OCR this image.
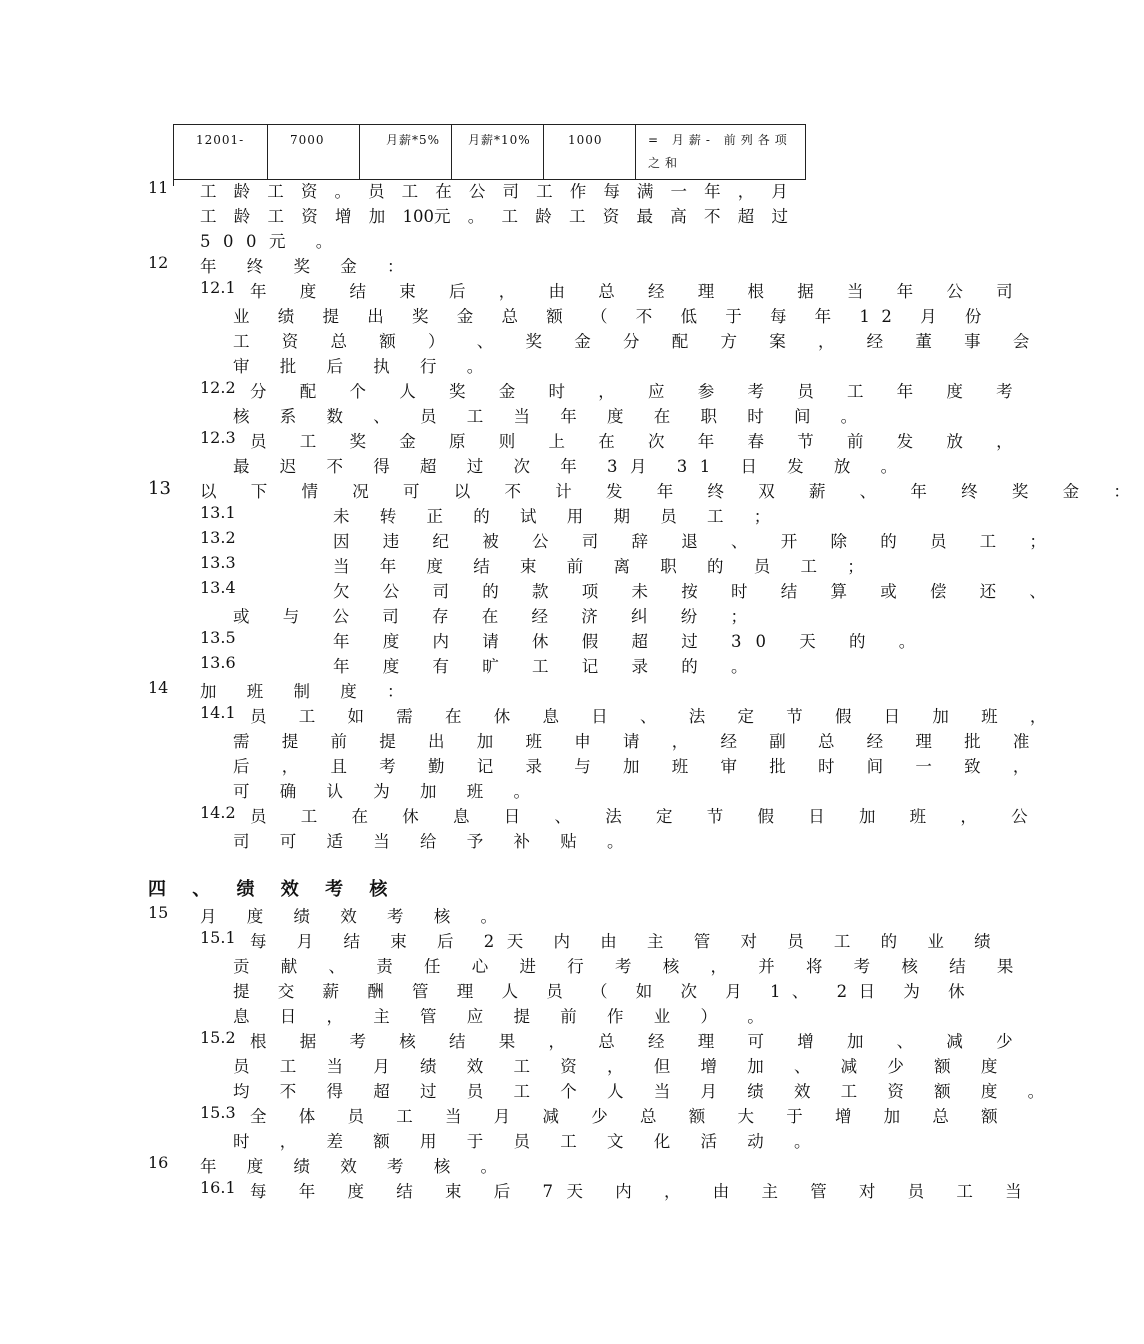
12001-	7000	月薪*5%	月薪*10%	1000	= 月薪- 前列各项之和
11 工 龄 工 资 。 员 工 在 公 司 工 作 每 满 一 年 ， 月
工 龄 工 资 增 加 100元 。 工 龄 工 资 最 高 不 超 过
500元 。
12 年 终 奖 金 ：
12.1 年 度 结 束 后 ， 由 总 经 理 根 据 当 年 公 司
业 绩 提 出 奖 金 总 额 （ 不 低 于 每 年 12 月 份
工 资 总 额 ） 、 奖 金 分 配 方 案 ， 经 董 事 会
审 批 后 执 行 。
12.2 分 配 个 人 奖 金 时 ， 应 参 考 员 工 年 度 考
核 系 数 、 员 工 当 年 度 在 职 时 间 。
12.3 员 工 奖 金 原 则 上 在 次 年 春 节 前 发 放 ，
最 迟 不 得 超 过 次 年 3月 31 日 发 放 。
13 以 下 情 况 可 以 不 计 发 年 终 双 薪 、 年 终 奖 金 ：
13.1	未 转 正 的 试 用 期 员 工 ；
13.2	因 违 纪 被 公 司 辞 退 、 开 除 的 员 工 ；
13.3	当 年 度 结 束 前 离 职 的 员 工 ；
13.4	欠 公 司 的 款 项 未 按 时 结 算 或 偿 还 、
或 与 公 司 存 在 经 济 纠 纷 ；
13.5	年 度 内 请 休 假 超 过 30 天 的 。
13.6	年 度 有 旷 工 记 录 的 。
14 加 班 制 度 ：
14.1 员 工 如 需 在 休 息 日 、 法 定 节 假 日 加 班 ，
需 提 前 提 出 加 班 申 请 ， 经 副 总 经 理 批 准
后 ， 且 考 勤 记 录 与 加 班 审 批 时 间 一 致 ，
可 确 认 为 加 班 。
14.2 员 工 在 休 息 日 、 法 定 节 假 日 加 班 ， 公
司 可 适 当 给 予 补 贴 。
四 、 绩 效 考 核
15 月 度 绩 效 考 核 。
15.1 每 月 结 束 后 2天 内 由 主 管 对 员 工 的 业 绩
贡 献 、 责 任 心 进 行 考 核 ， 并 将 考 核 结 果
提 交 薪 酬 管 理 人 员 （ 如 次 月 1、 2日 为 休
息 日 ， 主 管 应 提 前 作 业 ） 。
15.2 根 据 考 核 结 果 ， 总 经 理 可 增 加 、 减 少
员 工 当 月 绩 效 工 资 ， 但 增 加 、 减 少 额 度
均 不 得 超 过 员 工 个 人 当 月 绩 效 工 资 额 度 。
15.3 全 体 员 工 当 月 减 少 总 额 大 于 增 加 总 额
时 ， 差 额 用 于 员 工 文 化 活 动 。
16 年 度 绩 效 考 核 。
16.1 每 年 度 结 束 后 7天 内 ， 由 主 管 对 员 工 当
